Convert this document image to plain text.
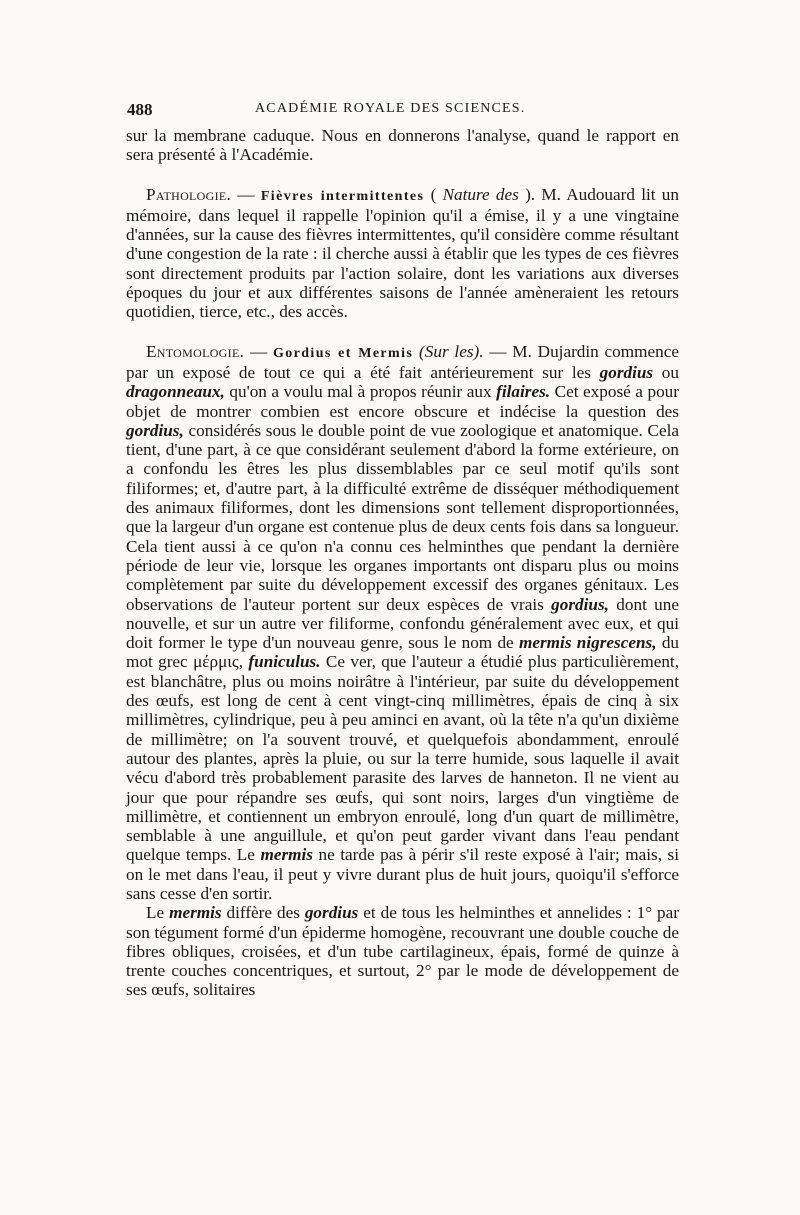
488	ACADÉMIE ROYALE DES SCIENCES.

sur la membrane caduque. Nous en donnerons l'analyse, quand le rapport en sera présenté à l'Académie.

Pathologie. — Fièvres intermittentes ( Nature des ). M. Audouard lit un mémoire, dans lequel il rappelle l'opinion qu'il a émise, il y a une vingtaine d'années, sur la cause des fièvres intermittentes, qu'il considère comme résultant d'une congestion de la rate : il cherche aussi à établir que les types de ces fièvres sont directement produits par l'action solaire, dont les variations aux diverses époques du jour et aux différentes saisons de l'année amèneraient les retours quotidien, tierce, etc., des accès.

Entomologie. — Gordius et Mermis (Sur les). — M. Dujardin commence par un exposé de tout ce qui a été fait antérieurement sur les gordius ou dragonneaux, qu'on a voulu mal à propos réunir aux filaires. Cet exposé a pour objet de montrer combien est encore obscure et indécise la question des gordius, considérés sous le double point de vue zoologique et anatomique. Cela tient, d'une part, à ce que considérant seulement d'abord la forme extérieure, on a confondu les êtres les plus dissemblables par ce seul motif qu'ils sont filiformes; et, d'autre part, à la difficulté extrême de disséquer méthodiquement des animaux filiformes, dont les dimensions sont tellement disproportionnées, que la largeur d'un organe est contenue plus de deux cents fois dans sa longueur. Cela tient aussi à ce qu'on n'a connu ces helminthes que pendant la dernière période de leur vie, lorsque les organes importants ont disparu plus ou moins complètement par suite du développement excessif des organes génitaux. Les observations de l'auteur portent sur deux espèces de vrais gordius, dont une nouvelle, et sur un autre ver filiforme, confondu généralement avec eux, et qui doit former le type d'un nouveau genre, sous le nom de mermis nigrescens, du mot grec μέρμις, funiculus. Ce ver, que l'auteur a étudié plus particulièrement, est blanchâtre, plus ou moins noirâtre à l'intérieur, par suite du développement des œufs, est long de cent à cent vingt-cinq millimètres, épais de cinq à six millimètres, cylindrique, peu à peu aminci en avant, où la tête n'a qu'un dixième de millimètre; on l'a souvent trouvé, et quelquefois abondamment, enroulé autour des plantes, après la pluie, ou sur la terre humide, sous laquelle il avait vécu d'abord très probablement parasite des larves de hanneton. Il ne vient au jour que pour répandre ses œufs, qui sont noirs, larges d'un vingtième de millimètre, et contiennent un embryon enroulé, long d'un quart de millimètre, semblable à une anguillule, et qu'on peut garder vivant dans l'eau pendant quelque temps. Le mermis ne tarde pas à périr s'il reste exposé à l'air; mais, si on le met dans l'eau, il peut y vivre durant plus de huit jours, quoiqu'il s'efforce sans cesse d'en sortir.

Le mermis diffère des gordius et de tous les helminthes et annelides : 1° par son tégument formé d'un épiderme homogène, recouvrant une double couche de fibres obliques, croisées, et d'un tube cartilagineux, épais, formé de quinze à trente couches concentriques, et surtout, 2° par le mode de développement de ses œufs, solitaires
